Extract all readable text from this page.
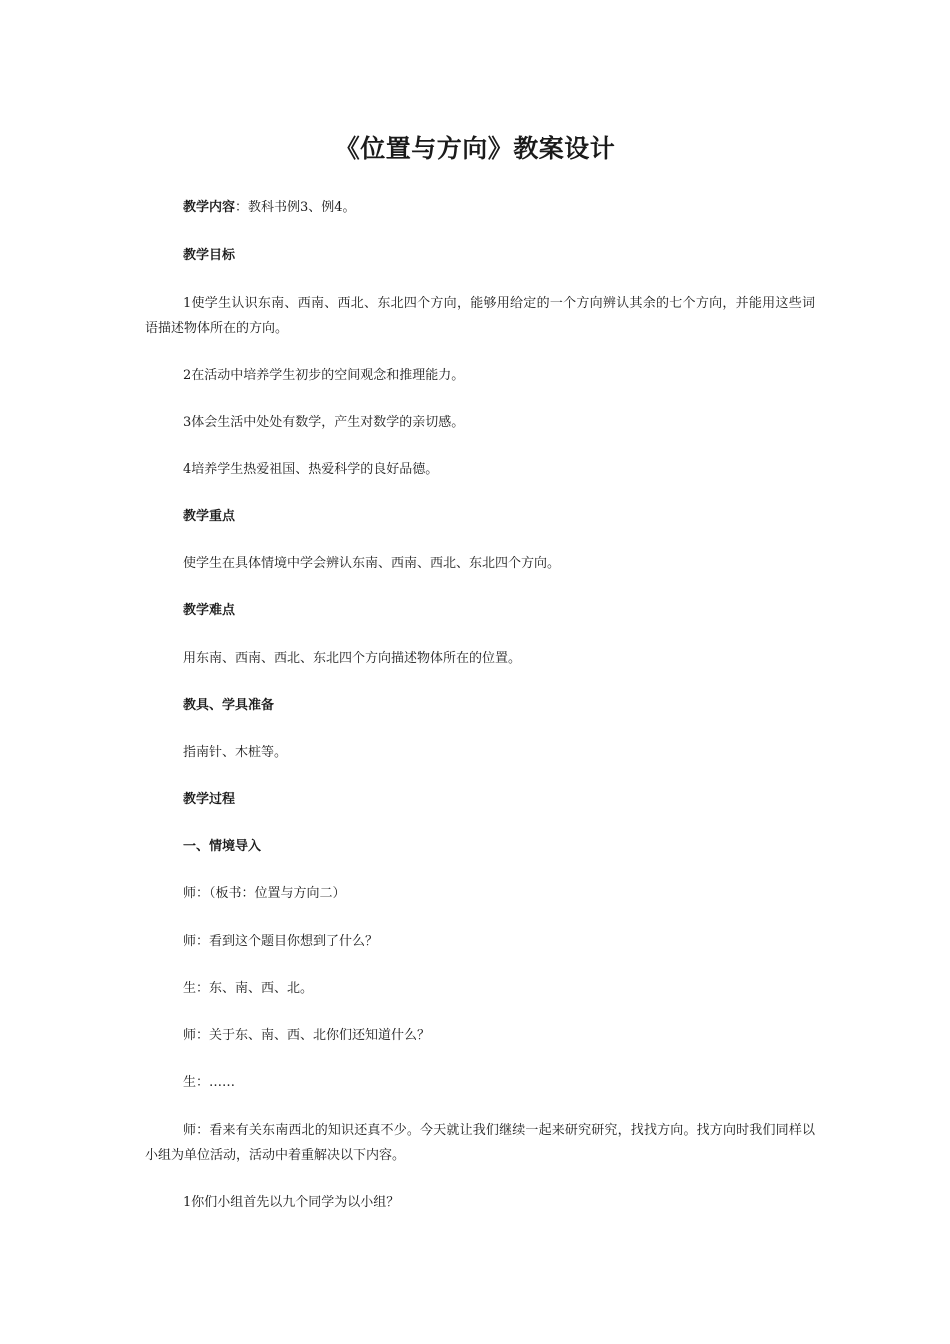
《位置与方向》教案设计
教学内容：教科书例3、例4。
教学目标
1使学生认识东南、西南、西北、东北四个方向，能够用给定的一个方向辨认其余的七个方向，并能用这些词语描述物体所在的方向。
2在活动中培养学生初步的空间观念和推理能力。
3体会生活中处处有数学，产生对数学的亲切感。
4培养学生热爱祖国、热爱科学的良好品德。
教学重点
使学生在具体情境中学会辨认东南、西南、西北、东北四个方向。
教学难点
用东南、西南、西北、东北四个方向描述物体所在的位置。
教具、学具准备
指南针、木桩等。
教学过程
一、情境导入
师：（板书：位置与方向二）
师：看到这个题目你想到了什么？
生：东、南、西、北。
师：关于东、南、西、北你们还知道什么？
生：……
师：看来有关东南西北的知识还真不少。今天就让我们继续一起来研究研究，找找方向。找方向时我们同样以小组为单位活动，活动中着重解决以下内容。
1你们小组首先以九个同学为以小组？
